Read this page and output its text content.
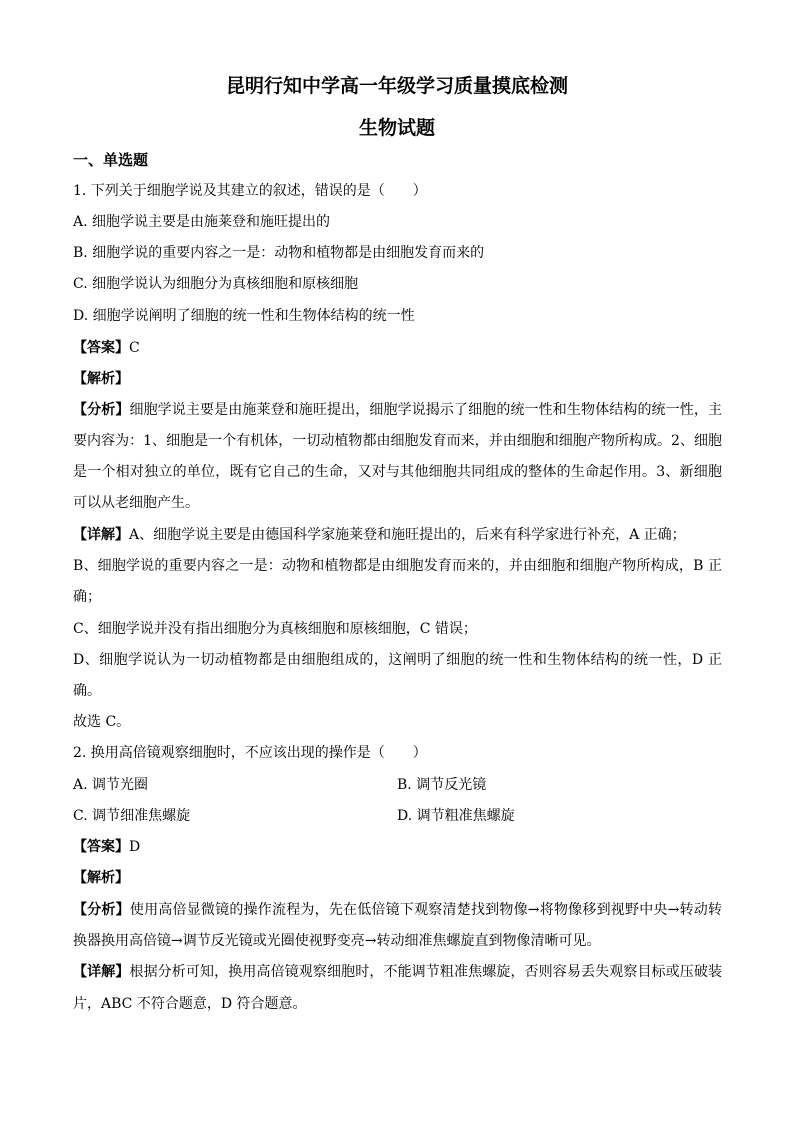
昆明行知中学高一年级学习质量摸底检测
生物试题
一、单选题
1. 下列关于细胞学说及其建立的叙述，错误的是（　　）
A. 细胞学说主要是由施莱登和施旺提出的
B. 细胞学说的重要内容之一是：动物和植物都是由细胞发育而来的
C. 细胞学说认为细胞分为真核细胞和原核细胞
D. 细胞学说阐明了细胞的统一性和生物体结构的统一性
【答案】C
【解析】
【分析】细胞学说主要是由施莱登和施旺提出，细胞学说揭示了细胞的统一性和生物体结构的统一性，主
要内容为：1、细胞是一个有机体，一切动植物都由细胞发育而来，并由细胞和细胞产物所构成。2、细胞
是一个相对独立的单位，既有它自己的生命，又对与其他细胞共同组成的整体的生命起作用。3、新细胞
可以从老细胞产生。
【详解】A、细胞学说主要是由德国科学家施莱登和施旺提出的，后来有科学家进行补充，A 正确；
B、细胞学说的重要内容之一是：动物和植物都是由细胞发育而来的，并由细胞和细胞产物所构成，B 正
确；
C、细胞学说并没有指出细胞分为真核细胞和原核细胞，C 错误；
D、细胞学说认为一切动植物都是由细胞组成的，这阐明了细胞的统一性和生物体结构的统一性，D 正
确。
故选 C。
2. 换用高倍镜观察细胞时，不应该出现的操作是（　　）
A. 调节光圈	B. 调节反光镜
C. 调节细准焦螺旋	D. 调节粗准焦螺旋
【答案】D
【解析】
【分析】使用高倍显微镜的操作流程为，先在低倍镜下观察清楚找到物像→将物像移到视野中央→转动转
换器换用高倍镜→调节反光镜或光圈使视野变亮→转动细准焦螺旋直到物像清晰可见。
【详解】根据分析可知，换用高倍镜观察细胞时，不能调节粗准焦螺旋，否则容易丢失观察目标或压破装
片，ABC 不符合题意，D 符合题意。
